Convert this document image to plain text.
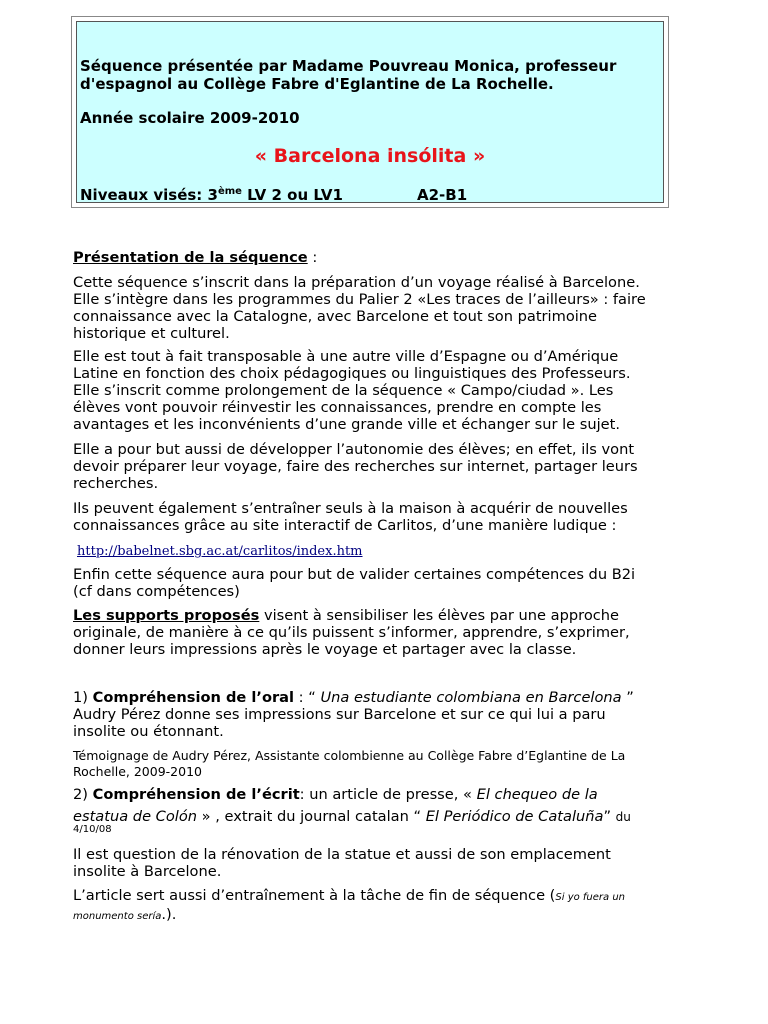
Séquence présentée par Madame Pouvreau Monica, professeur
d'espagnol au Collège Fabre d'Eglantine de La Rochelle.
Année scolaire 2009-2010
« Barcelona insólita »
Niveaux visés: 3ème LV 2 ou LV1	A2-B1
Présentation de la séquence :
Cette séquence s’inscrit dans la préparation d’un voyage réalisé à Barcelone.
Elle s’intègre dans les programmes du Palier 2 «Les traces de l’ailleurs» : faire
connaissance avec la Catalogne, avec Barcelone et tout son patrimoine
historique et culturel.
Elle est tout à fait transposable à une autre ville d’Espagne ou d’Amérique
Latine en fonction des choix pédagogiques ou linguistiques des Professeurs.
Elle s’inscrit comme prolongement de la séquence « Campo/ciudad ». Les
élèves vont pouvoir réinvestir les connaissances, prendre en compte les
avantages et les inconvénients d’une grande ville et échanger sur le sujet.
Elle a pour but aussi de développer l’autonomie des élèves; en effet, ils vont
devoir préparer leur voyage, faire des recherches sur internet, partager leurs
recherches.
Ils peuvent également s’entraîner seuls à la maison à acquérir de nouvelles
connaissances grâce au site interactif de Carlitos, d’une manière ludique :
http://babelnet.sbg.ac.at/carlitos/index.htm
Enfin cette séquence aura pour but de valider certaines compétences du B2i
(cf dans compétences)
Les supports proposés visent à sensibiliser les élèves par une approche
originale, de manière à ce qu’ils puissent s’informer, apprendre, s’exprimer,
donner leurs impressions après le voyage et partager avec la classe.
1) Compréhension de l’oral : “ Una estudiante colombiana en Barcelona ”
Audry Pérez donne ses impressions sur Barcelone et sur ce qui lui a paru
insolite ou étonnant.
Témoignage de Audry Pérez, Assistante colombienne au Collège Fabre d’Eglantine de La
Rochelle, 2009-2010
2) Compréhension de l’écrit: un article de presse, « El chequeo de la
estatua de Colón » , extrait du journal catalan “ El Periódico de Cataluña” du
4/10/08
Il est question de la rénovation de la statue et aussi de son emplacement
insolite à Barcelone.
L’article sert aussi d’entraînement à la tâche de fin de séquence (Si yo fuera un
monumento sería.).
